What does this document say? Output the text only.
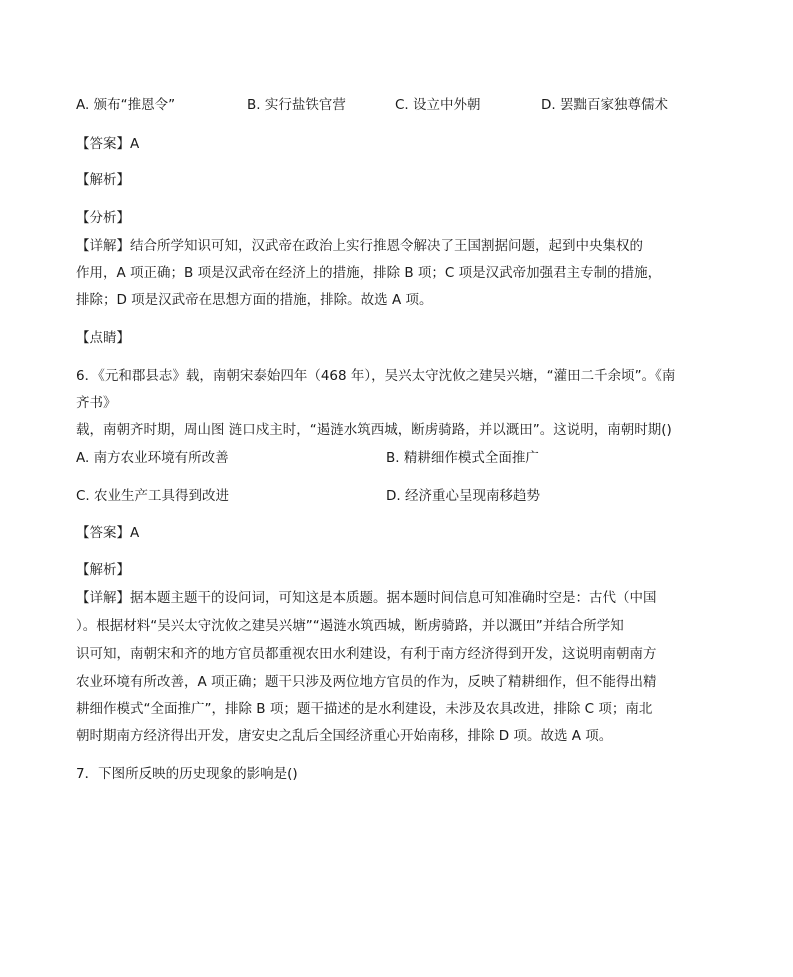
A. 颁布“推恩令”	B. 实行盐铁官营	C. 设立中外朝	D. 罢黜百家独尊儒术
【答案】A
【解析】
【分析】
【详解】结合所学知识可知，汉武帝在政治上实行推恩令解决了王国割据问题，起到中央集权的
作用，A 项正确；B 项是汉武帝在经济上的措施，排除 B 项；C 项是汉武帝加强君主专制的措施，
排除；D 项是汉武帝在思想方面的措施，排除。故选 A 项。
【点睛】
6．《元和郡县志》载，南朝宋泰始四年（468 年），吴兴太守沈攸之建吴兴塘，“灌田二千余顷”。《南
齐书》
载，南朝齐时期，周山图 涟口戍主时，“遏涟水筑西城，断虏骑路，并以溉田”。这说明，南朝时期()
A. 南方农业环境有所改善	B. 精耕细作模式全面推广
C. 农业生产工具得到改进	D. 经济重心呈现南移趋势
【答案】A
【解析】
【详解】据本题主题干的设问词，可知这是本质题。据本题时间信息可知准确时空是：古代（中国
）。根据材料“吴兴太守沈攸之建吴兴塘”“遏涟水筑西城，断虏骑路，并以溉田”并结合所学知
识可知，南朝宋和齐的地方官员都重视农田水利建设，有利于南方经济得到开发，这说明南朝南方
农业环境有所改善，A 项正确；题干只涉及两位地方官员的作为，反映了精耕细作，但不能得出精
耕细作模式“全面推广”，排除 B 项；题干描述的是水利建设，未涉及农具改进，排除 C 项；南北
朝时期南方经济得出开发，唐安史之乱后全国经济重心开始南移，排除 D 项。故选 A 项。
7．下图所反映的历史现象的影响是()
